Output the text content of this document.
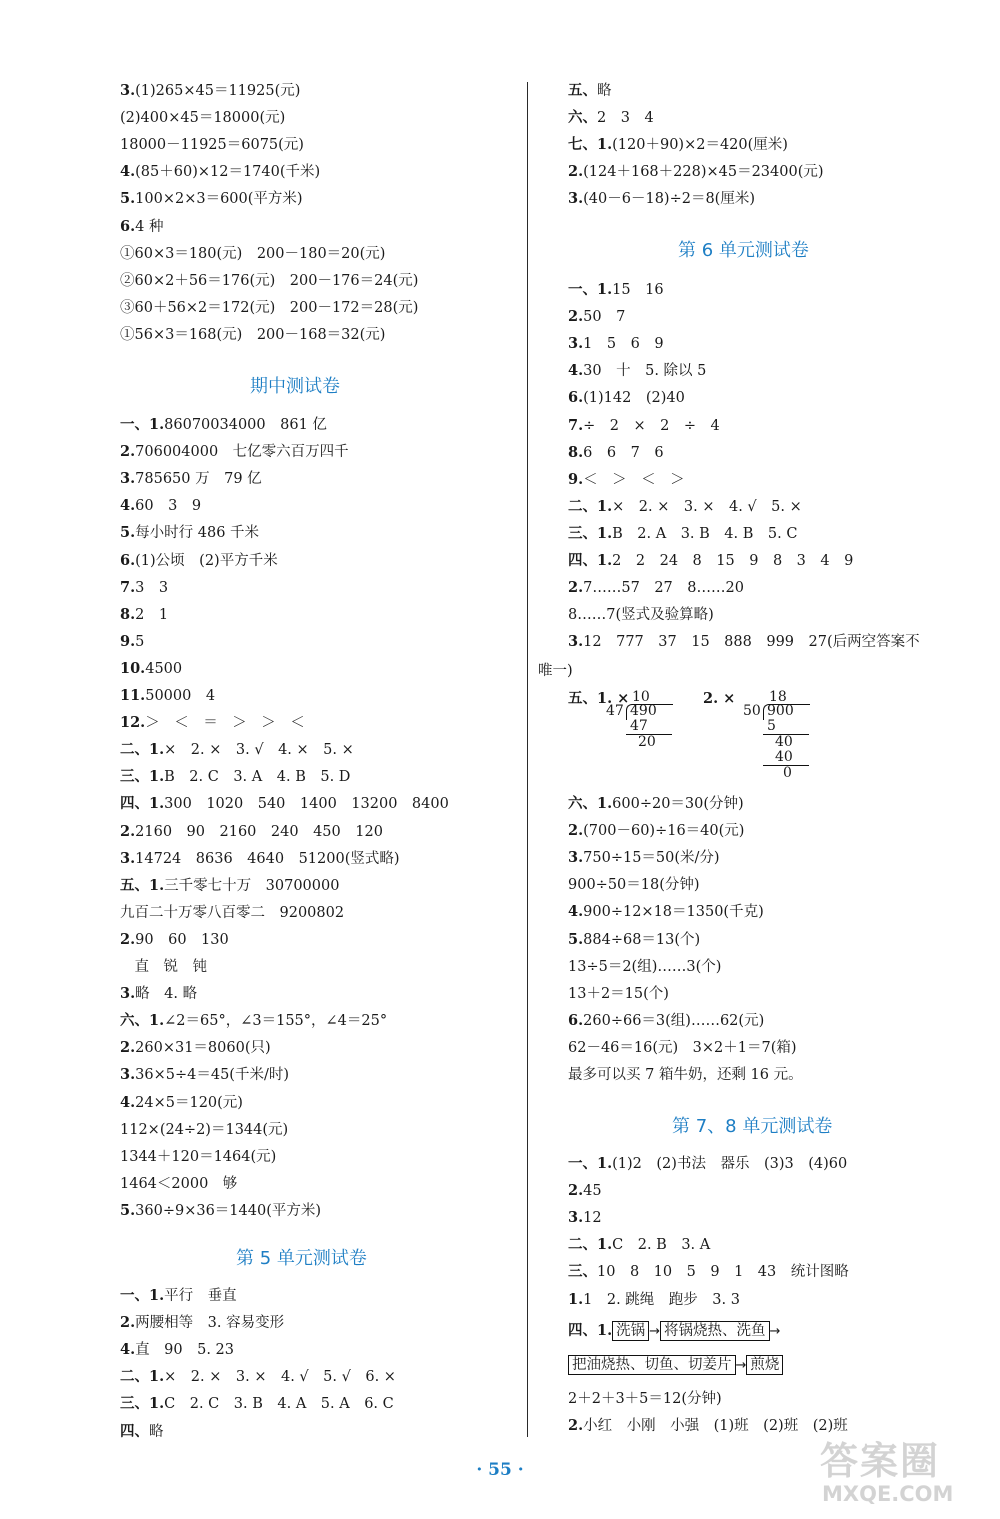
3.(1)265×45＝11925(元)
(2)400×45＝18000(元)
18000－11925＝6075(元)
4.(85＋60)×12＝1740(千米)
5.100×2×3＝600(平方米)
6.4 种
①60×3＝180(元)　200－180＝20(元)
②60×2＋56＝176(元)　200－176＝24(元)
③60＋56×2＝172(元)　200－172＝28(元)
①56×3＝168(元)　200－168＝32(元)
期中测试卷
一、1.86070034000　861 亿
2.706004000　七亿零六百万四千
3.785650 万　79 亿
4.60　3　9
5.每小时行 486 千米
6.(1)公顷　(2)平方千米
7.3　3
8.2　1
9.5
10.4500
11.50000　4
12.＞　＜　＝　＞　＞　＜
二、1.×　2. ×　3. √　4. ×　5. ×
三、1.B　2. C　3. A　4. B　5. D
四、1.300　1020　540　1400　13200　8400
2.2160　90　2160　240　450　120
3.14724　8636　4640　51200(竖式略)
五、1.三千零七十万　30700000
九百二十万零八百零二　9200802
2.90　60　130
　直　锐　钝
3.略　4. 略
六、1.∠2＝65°，∠3＝155°，∠4＝25°
2.260×31＝8060(只)
3.36×5÷4＝45(千米/时)
4.24×5＝120(元)
112×(24÷2)＝1344(元)
1344＋120＝1464(元)
1464＜2000　够
5.360÷9×36＝1440(平方米)
第 5 单元测试卷
一、1.平行　垂直
2.两腰相等　3. 容易变形
4.直　90　5. 23
二、1.×　2. ×　3. ×　4. √　5. √　6. ×
三、1.C　2. C　3. B　4. A　5. A　6. C
四、略
五、略
六、2　3　4
七、1.(120＋90)×2＝420(厘米)
2.(124＋168＋228)×45＝23400(元)
3.(40－6－18)÷2＝8(厘米)
第 6 单元测试卷
一、1.15　16
2.50　7
3.1　5　6　9
4.30　十　5. 除以 5
6.(1)142　(2)40
7.÷　2　×　2　÷　4
8.6　6　7　6
9.＜　＞　＜　＞
二、1.×　2. ×　3. ×　4. √　5. ×
三、1.B　2. A　3. B　4. B　5. C
四、1.2　2　24　8　15　9　8　3　4　9
2.7……57　27　8……20
8……7(竖式及验算略)
3.12　777　37　15　888　999　27(后两空答案不
唯一)
五、1. ×	2. ×
10
47 490
47
20
18
50 900
5
40
40
0
六、1.600÷20＝30(分钟)
2.(700－60)÷16＝40(元)
3.750÷15＝50(米/分)
900÷50＝18(分钟)
4.900÷12×18＝1350(千克)
5.884÷68＝13(个)
13÷5＝2(组)……3(个)
13＋2＝15(个)
6.260÷66＝3(组)……62(元)
62－46＝16(元)　3×2＋1＝7(箱)
最多可以买 7 箱牛奶，还剩 16 元。
第 7、8 单元测试卷
一、1.(1)2　(2)书法　器乐　(3)3　(4)60
2.45
3.12
二、1.C　2. B　3. A
三、10　8　10　5　9　1　43　统计图略
1.1　2. 跳绳　跑步　3. 3
四、1. 洗锅 → 将锅烧热、洗鱼 →
把油烧热、切鱼、切姜片 → 煎烧
2＋2＋3＋5＝12(分钟)
2.小红　小刚　小强　(1)班　(2)班　(2)班
· 55 ·	答案圈
MXQE.COM
